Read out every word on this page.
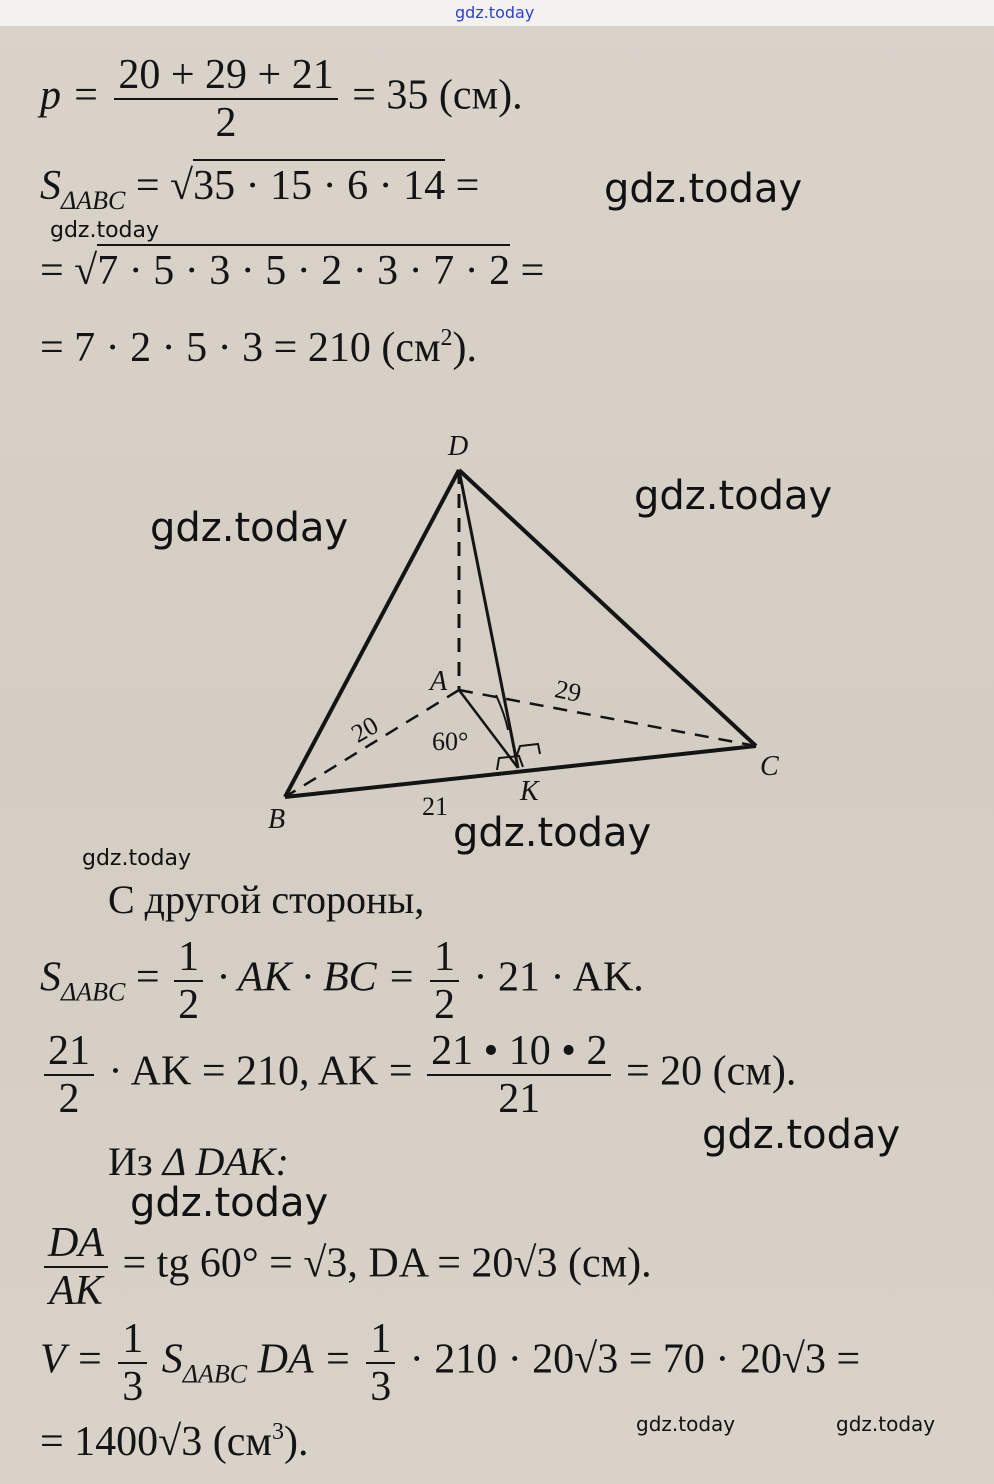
gdz.today
$p = \frac{20 + 29 + 21}{2} = 35$ (см).
$S_{\Delta ABC} = √35 \cdot 15 \cdot 6 \cdot 14$ =	gdz.today
gdz.today
= √7 · 5 · 3 · 5 · 2 · 3 · 7 · 2 =
= 7 · 2 · 5 · 3 = 210 $(см^2)$.
D
A
B
C
K
20
29
21
60°
gdz.today
gdz.today
gdz.today
gdz.today
С другой стороны,
$S_{\Delta ABC} = \frac{1}{2}$ · AK · BC = $\frac{1}{2} \cdot 21$ · AK.
$\frac{21}{2}$ · AK = 210, AK = $\frac{21 • 10 • 2}{21} = 20$ (см).
gdz.today
Из Δ DAK:
gdz.today
$\frac{DA}{AK}$ = tg 60° = √3, DA = 20√3 (см).
$V = \frac{1}{3} S_{\Delta ABC}$ DA = $\frac{1}{3} \cdot 210 \cdot 20√3 = 70 \cdot 20√3$ =
gdz.today	gdz.today
= 1400√3 $(см^3)$.
